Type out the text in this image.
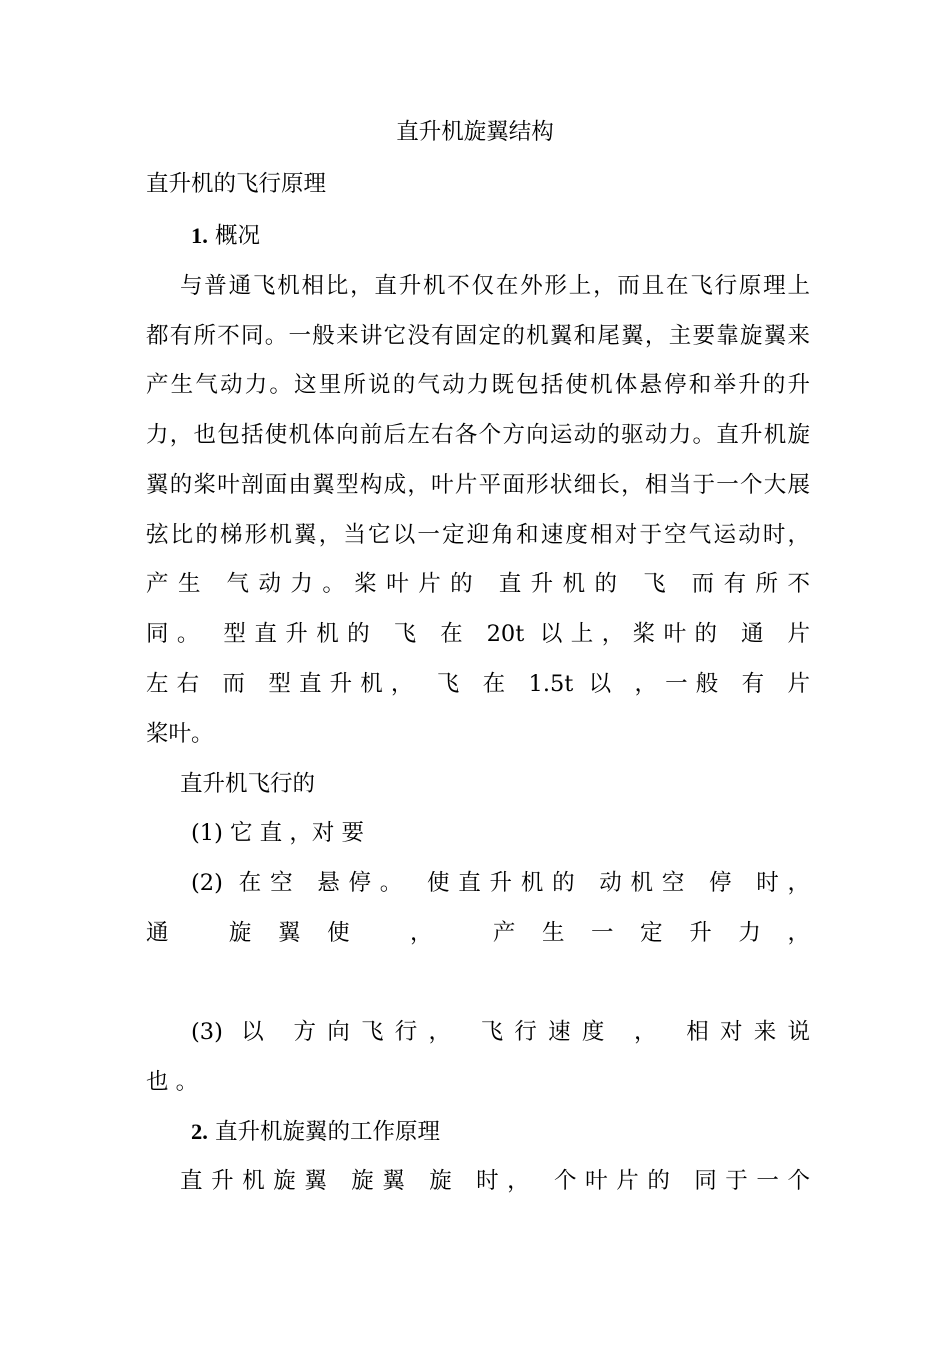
直升机旋翼结构
直升机的飞行原理
1. 概况
与普通飞机相比，直升机不仅在外形上，而且在飞行原理上
都有所不同。一般来讲它没有固定的机翼和尾翼，主要靠旋翼来
产生气动力。这里所说的气动力既包括使机体悬停和举升的升
力，也包括使机体向前后左右各个方向运动的驱动力。直升机旋
翼的桨叶剖面由翼型构成，叶片平面形状细长，相当于一个大展
弦比的梯形机翼，当它以一定迎角和速度相对于空气运动时，
产生 气动力。桨叶片的 直升机的 飞 而有所不
同。 型直升机的 飞 在 20t 以上，桨叶的 通 片
左右 而 型直升机， 飞 在 1.5t 以 ，一般 有 片
桨叶。
直升机飞行的
(1) 它 直 ，对 要
(2) 在空 悬停。 使直升机的 动机空 停 时，
通 旋翼使 ， 产生一定升力，
(3) 以 方向飞行， 飞行速度 ， 相对来说
也 。
2. 直升机旋翼的工作原理
直升机旋翼 旋翼 旋 时， 个叶片的 同于一个
